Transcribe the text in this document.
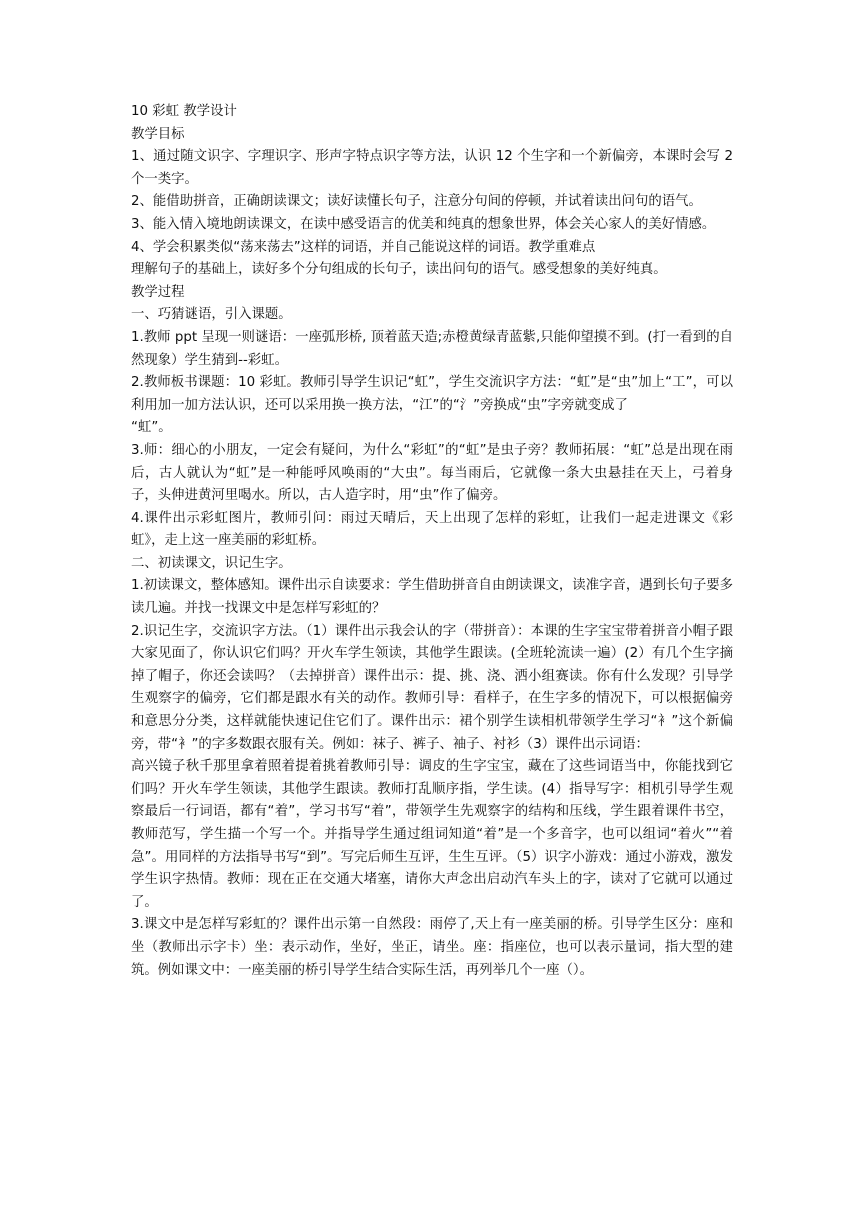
10 彩虹 教学设计

教学目标

1、通过随文识字、字理识字、形声字特点识字等方法，认识 12 个生字和一个新偏旁，本课时会写 2 个一类字。

2、能借助拼音，正确朗读课文；读好读懂长句子，注意分句间的停顿，并试着读出问句的语气。

3、能入情入境地朗读课文，在读中感受语言的优美和纯真的想象世界，体会关心家人的美好情感。

4、学会积累类似“荡来荡去”这样的词语，并自己能说这样的词语。教学重难点

理解句子的基础上，读好多个分句组成的长句子，读出问句的语气。感受想象的美好纯真。

教学过程

一、巧猜谜语，引入课题。

1.教师 ppt 呈现一则谜语：一座弧形桥, 顶着蓝天造;赤橙黄绿青蓝紫,只能仰望摸不到。(打一看到的自然现象）学生猜到--彩虹。

2.教师板书课题：10 彩虹。教师引导学生识记“虹”，学生交流识字方法：“虹”是“虫”加上“工”，可以利用加一加方法认识，还可以采用换一换方法，“江”的“氵”旁换成“虫”字旁就变成了

“虹”。

3.师：细心的小朋友，一定会有疑问，为什么“彩虹”的“虹”是虫子旁？教师拓展：“虹”总是出现在雨后，古人就认为“虹”是一种能呼风唤雨的“大虫”。每当雨后，它就像一条大虫悬挂在天上，弓着身子，头伸进黄河里喝水。所以，古人造字时，用“虫”作了偏旁。

4.课件出示彩虹图片，教师引问：雨过天晴后，天上出现了怎样的彩虹，让我们一起走进课文《彩虹》，走上这一座美丽的彩虹桥。

二、初读课文，识记生字。

1.初读课文，整体感知。课件出示自读要求：学生借助拼音自由朗读课文，读准字音，遇到长句子要多读几遍。并找一找课文中是怎样写彩虹的？

2.识记生字，交流识字方法。（1）课件出示我会认的字（带拼音）：本课的生字宝宝带着拼音小帽子跟大家见面了，你认识它们吗？开火车学生领读，其他学生跟读。(全班轮流读一遍）(2）有几个生字摘掉了帽子，你还会读吗？（去掉拼音）课件出示：提、挑、浇、洒小组赛读。你有什么发现？引导学生观察字的偏旁，它们都是跟水有关的动作。教师引导：看样子，在生字多的情况下，可以根据偏旁和意思分分类，这样就能快速记住它们了。课件出示：裙个别学生读相机带领学生学习“衤”这个新偏旁，带“衤”的字多数跟衣服有关。例如：袜子、裤子、袖子、衬衫（3）课件出示词语：

高兴镜子秋千那里拿着照着提着挑着教师引导：调皮的生字宝宝，藏在了这些词语当中，你能找到它们吗？开火车学生领读，其他学生跟读。教师打乱顺序指，学生读。(4）指导写字：相机引导学生观察最后一行词语，都有“着”，学习书写“着”，带领学生先观察字的结构和压线，学生跟着课件书空，教师范写，学生描一个写一个。并指导学生通过组词知道“着”是一个多音字，也可以组词“着火”“着急”。用同样的方法指导书写“到”。写完后师生互评，生生互评。（5）识字小游戏：通过小游戏，激发学生识字热情。教师：现在正在交通大堵塞，请你大声念出启动汽车头上的字，读对了它就可以通过了。

3.课文中是怎样写彩虹的？课件出示第一自然段：雨停了,天上有一座美丽的桥。引导学生区分：座和坐（教师出示字卡）坐：表示动作，坐好，坐正，请坐。座：指座位，也可以表示量词，指大型的建筑。例如课文中：一座美丽的桥引导学生结合实际生活，再列举几个一座（）。
